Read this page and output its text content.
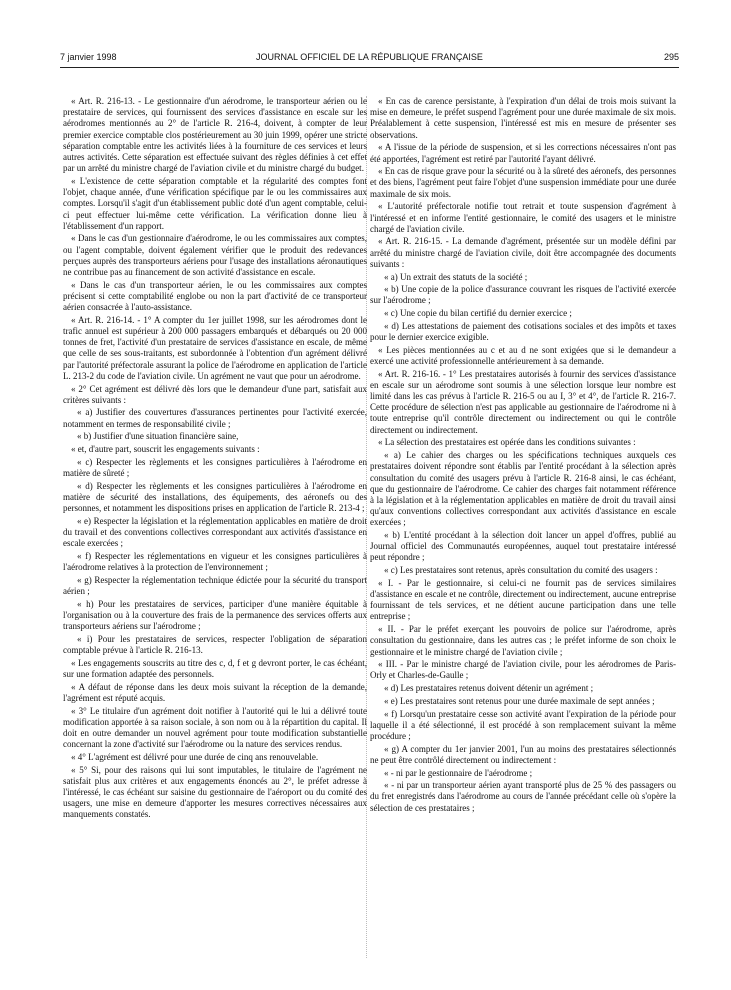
7 janvier 1998	JOURNAL OFFICIEL DE LA RÉPUBLIQUE FRANÇAISE	295

« Art. R. 216-13. - Le gestionnaire d'un aérodrome, le transporteur aérien ou le prestataire de services, qui fournissent des services d'assistance en escale sur les aérodromes mentionnés au 2° de l'article R. 216-4, doivent, à compter de leur premier exercice comptable clos postérieurement au 30 juin 1999, opérer une stricte séparation comptable entre les activités liées à la fourniture de ces services et leurs autres activités. Cette séparation est effectuée suivant des règles définies à cet effet par un arrêté du ministre chargé de l'aviation civile et du ministre chargé du budget.

« L'existence de cette séparation comptable et la régularité des comptes font l'objet, chaque année, d'une vérification spécifique par le ou les commissaires aux comptes. Lorsqu'il s'agit d'un établissement public doté d'un agent comptable, celui-ci peut effectuer lui-même cette vérification. La vérification donne lieu à l'établissement d'un rapport.

« Dans le cas d'un gestionnaire d'aérodrome, le ou les commissaires aux comptes, ou l'agent comptable, doivent également vérifier que le produit des redevances perçues auprès des transporteurs aériens pour l'usage des installations aéronautiques ne contribue pas au financement de son activité d'assistance en escale.

« Dans le cas d'un transporteur aérien, le ou les commissaires aux comptes précisent si cette comptabilité englobe ou non la part d'activité de ce transporteur aérien consacrée à l'auto-assistance.

« Art. R. 216-14. - 1° A compter du 1er juillet 1998, sur les aérodromes dont le trafic annuel est supérieur à 200 000 passagers embarqués et débarqués ou 20 000 tonnes de fret, l'activité d'un prestataire de services d'assistance en escale, de même que celle de ses sous-traitants, est subordonnée à l'obtention d'un agrément délivré par l'autorité préfectorale assurant la police de l'aérodrome en application de l'article L. 213-2 du code de l'aviation civile. Un agrément ne vaut que pour un aérodrome.

« 2° Cet agrément est délivré dès lors que le demandeur d'une part, satisfait aux critères suivants :

« a) Justifier des couvertures d'assurances pertinentes pour l'activité exercée, notamment en termes de responsabilité civile ;

« b) Justifier d'une situation financière saine,

« et, d'autre part, souscrit les engagements suivants :

« c) Respecter les règlements et les consignes particulières à l'aérodrome en matière de sûreté ;

« d) Respecter les règlements et les consignes particulières à l'aérodrome en matière de sécurité des installations, des équipements, des aéronefs ou des personnes, et notamment les dispositions prises en application de l'article R. 213-4 ;

« e) Respecter la législation et la réglementation applicables en matière de droit du travail et des conventions collectives correspondant aux activités d'assistance en escale exercées ;

« f) Respecter les réglementations en vigueur et les consignes particulières à l'aérodrome relatives à la protection de l'environnement ;

« g) Respecter la réglementation technique édictée pour la sécurité du transport aérien ;

« h) Pour les prestataires de services, participer d'une manière équitable à l'organisation ou à la couverture des frais de la permanence des services offerts aux transporteurs aériens sur l'aérodrome ;

« i) Pour les prestataires de services, respecter l'obligation de séparation comptable prévue à l'article R. 216-13.

« Les engagements souscrits au titre des c, d, f et g devront porter, le cas échéant, sur une formation adaptée des personnels.

« A défaut de réponse dans les deux mois suivant la réception de la demande, l'agrément est réputé acquis.

« 3° Le titulaire d'un agrément doit notifier à l'autorité qui le lui a délivré toute modification apportée à sa raison sociale, à son nom ou à la répartition du capital. Il doit en outre demander un nouvel agrément pour toute modification substantielle concernant la zone d'activité sur l'aérodrome ou la nature des services rendus.

« 4° L'agrément est délivré pour une durée de cinq ans renouvelable.

« 5° Si, pour des raisons qui lui sont imputables, le titulaire de l'agrément ne satisfait plus aux critères et aux engagements énoncés au 2°, le préfet adresse à l'intéressé, le cas échéant sur saisine du gestionnaire de l'aéroport ou du comité des usagers, une mise en demeure d'apporter les mesures correctives nécessaires aux manquements constatés.

« En cas de carence persistante, à l'expiration d'un délai de trois mois suivant la mise en demeure, le préfet suspend l'agrément pour une durée maximale de six mois. Préalablement à cette suspension, l'intéressé est mis en mesure de présenter ses observations.

« A l'issue de la période de suspension, et si les corrections nécessaires n'ont pas été apportées, l'agrément est retiré par l'autorité l'ayant délivré.

« En cas de risque grave pour la sécurité ou à la sûreté des aéronefs, des personnes et des biens, l'agrément peut faire l'objet d'une suspension immédiate pour une durée maximale de six mois.

« L'autorité préfectorale notifie tout retrait et toute suspension d'agrément à l'intéressé et en informe l'entité gestionnaire, le comité des usagers et le ministre chargé de l'aviation civile.

« Art. R. 216-15. - La demande d'agrément, présentée sur un modèle défini par arrêté du ministre chargé de l'aviation civile, doit être accompagnée des documents suivants :

« a) Un extrait des statuts de la société ;

« b) Une copie de la police d'assurance couvrant les risques de l'activité exercée sur l'aérodrome ;

« c) Une copie du bilan certifié du dernier exercice ;

« d) Les attestations de paiement des cotisations sociales et des impôts et taxes pour le dernier exercice exigible.

« Les pièces mentionnées au c et au d ne sont exigées que si le demandeur a exercé une activité professionnelle antérieurement à sa demande.

« Art. R. 216-16. - 1° Les prestataires autorisés à fournir des services d'assistance en escale sur un aérodrome sont soumis à une sélection lorsque leur nombre est limité dans les cas prévus à l'article R. 216-5 ou au I, 3° et 4°, de l'article R. 216-7. Cette procédure de sélection n'est pas applicable au gestionnaire de l'aérodrome ni à toute entreprise qu'il contrôle directement ou indirectement ou qui le contrôle directement ou indirectement.

« La sélection des prestataires est opérée dans les conditions suivantes :

« a) Le cahier des charges ou les spécifications techniques auxquels ces prestataires doivent répondre sont établis par l'entité procédant à la sélection après consultation du comité des usagers prévu à l'article R. 216-8 ainsi, le cas échéant, que du gestionnaire de l'aérodrome. Ce cahier des charges fait notamment référence à la législation et à la réglementation applicables en matière de droit du travail ainsi qu'aux conventions collectives correspondant aux activités d'assistance en escale exercées ;

« b) L'entité procédant à la sélection doit lancer un appel d'offres, publié au Journal officiel des Communautés européennes, auquel tout prestataire intéressé peut répondre ;

« c) Les prestataires sont retenus, après consultation du comité des usagers :

« I. - Par le gestionnaire, si celui-ci ne fournit pas de services similaires d'assistance en escale et ne contrôle, directement ou indirectement, aucune entreprise fournissant de tels services, et ne détient aucune participation dans une telle entreprise ;

« II. - Par le préfet exerçant les pouvoirs de police sur l'aérodrome, après consultation du gestionnaire, dans les autres cas ; le préfet informe de son choix le gestionnaire et le ministre chargé de l'aviation civile ;

« III. - Par le ministre chargé de l'aviation civile, pour les aérodromes de Paris-Orly et Charles-de-Gaulle ;

« d) Les prestataires retenus doivent détenir un agrément ;

« e) Les prestataires sont retenus pour une durée maximale de sept années ;

« f) Lorsqu'un prestataire cesse son activité avant l'expiration de la période pour laquelle il a été sélectionné, il est procédé à son remplacement suivant la même procédure ;

« g) A compter du 1er janvier 2001, l'un au moins des prestataires sélectionnés ne peut être contrôlé directement ou indirectement :

« - ni par le gestionnaire de l'aérodrome ;

« - ni par un transporteur aérien ayant transporté plus de 25 % des passagers ou du fret enregistrés dans l'aérodrome au cours de l'année précédant celle où s'opère la sélection de ces prestataires ;
